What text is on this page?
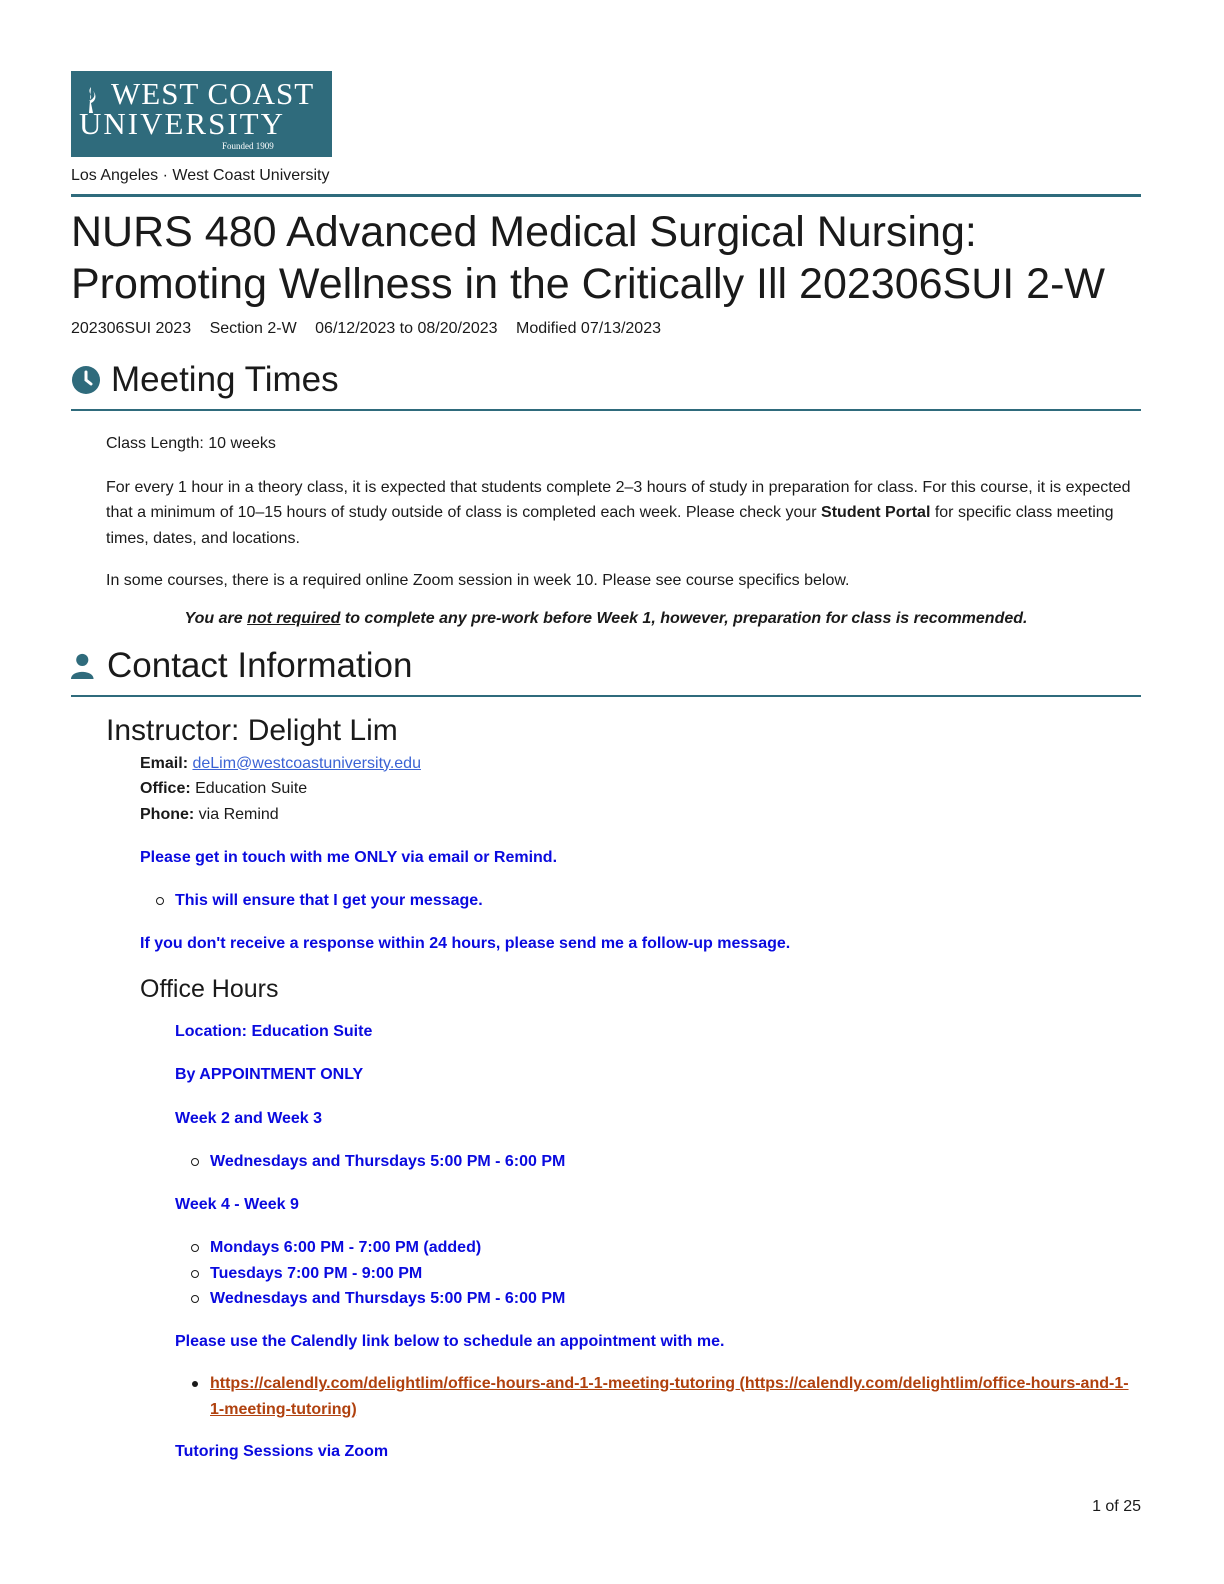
WEST COAST
UNIVERSITY
Founded 1909
Los Angeles · West Coast University
NURS 480 Advanced Medical Surgical Nursing: Promoting Wellness in the Critically Ill 202306SUI 2-W
202306SUI 2023 Section 2-W 06/12/2023 to 08/20/2023 Modified 07/13/2023
Meeting Times

Class Length: 10 weeks

For every 1 hour in a theory class, it is expected that students complete 2–3 hours of study in preparation for class. For this course, it is expected that a minimum of 10–15 hours of study outside of class is completed each week. Please check your Student Portal for specific class meeting times, dates, and locations.

In some courses, there is a required online Zoom session in week 10. Please see course specifics below.

You are not required to complete any pre-work before Week 1, however, preparation for class is recommended.
Contact Information
Instructor: Delight Lim
Email: deLim@westcoastuniversity.edu
Office: Education Suite
Phone: via Remind

Please get in touch with me ONLY via email or Remind.

This will ensure that I get your message.

If you don't receive a response within 24 hours, please send me a follow-up message.

Office Hours

Location: Education Suite

By APPOINTMENT ONLY

Week 2 and Week 3

Wednesdays and Thursdays 5:00 PM - 6:00 PM

Week 4 - Week 9

Mondays 6:00 PM - 7:00 PM (added)
Tuesdays 7:00 PM - 9:00 PM
Wednesdays and Thursdays 5:00 PM - 6:00 PM

Please use the Calendly link below to schedule an appointment with me.

https://calendly.com/delightlim/office-hours-and-1-1-meeting-tutoring (https://calendly.com/delightlim/office-hours-and-1-1-meeting-tutoring)

Tutoring Sessions via Zoom

1 of 25
